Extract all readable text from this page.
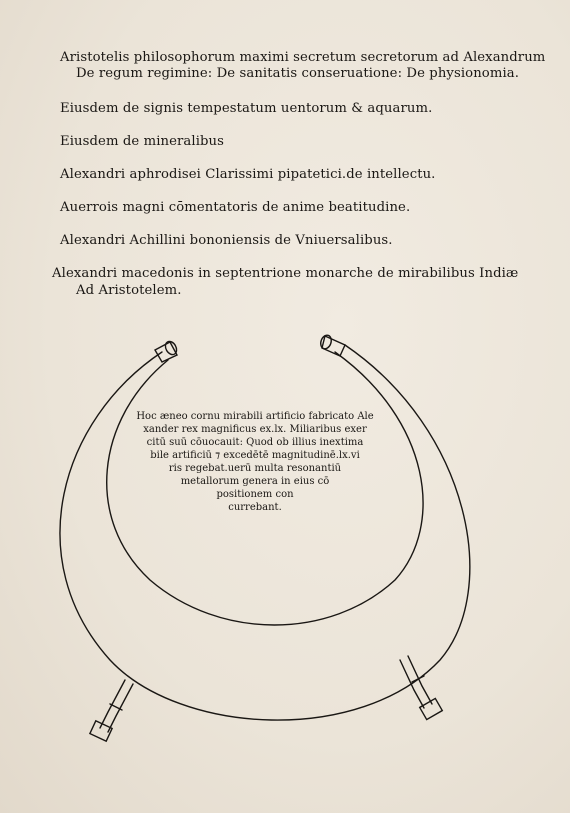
Aristotelis philosophorum maximi secretum secretorum ad Alexandrum
De regum regimine: De sanitatis conseruatione: De physionomia.
Eiusdem de signis tempestatum uentorum & aquarum.
Eiusdem de mineralibus
Alexandri aphrodisei Clarissimi pipatetici.de intellectu.
Auerrois magni cōmentatoris de anime beatitudine.
Alexandri Achillini bononiensis de Vniuersalibus.
Alexandri macedonis in septentrione monarche de mirabilibus Indiæ
Ad Aristotelem.
Hoc æneo cornu mirabili artificio fabricato Ale
xander rex magnificus ex.lx. Miliaribus exer
citū suū cōuocauit: Quod ob illius inextima
bile artificiū ⁊ excedētē magnitudinē.lx.vi
ris regebat.uerū multa resonantiū
metallorum genera in eius cō
positionem con
currebant.
